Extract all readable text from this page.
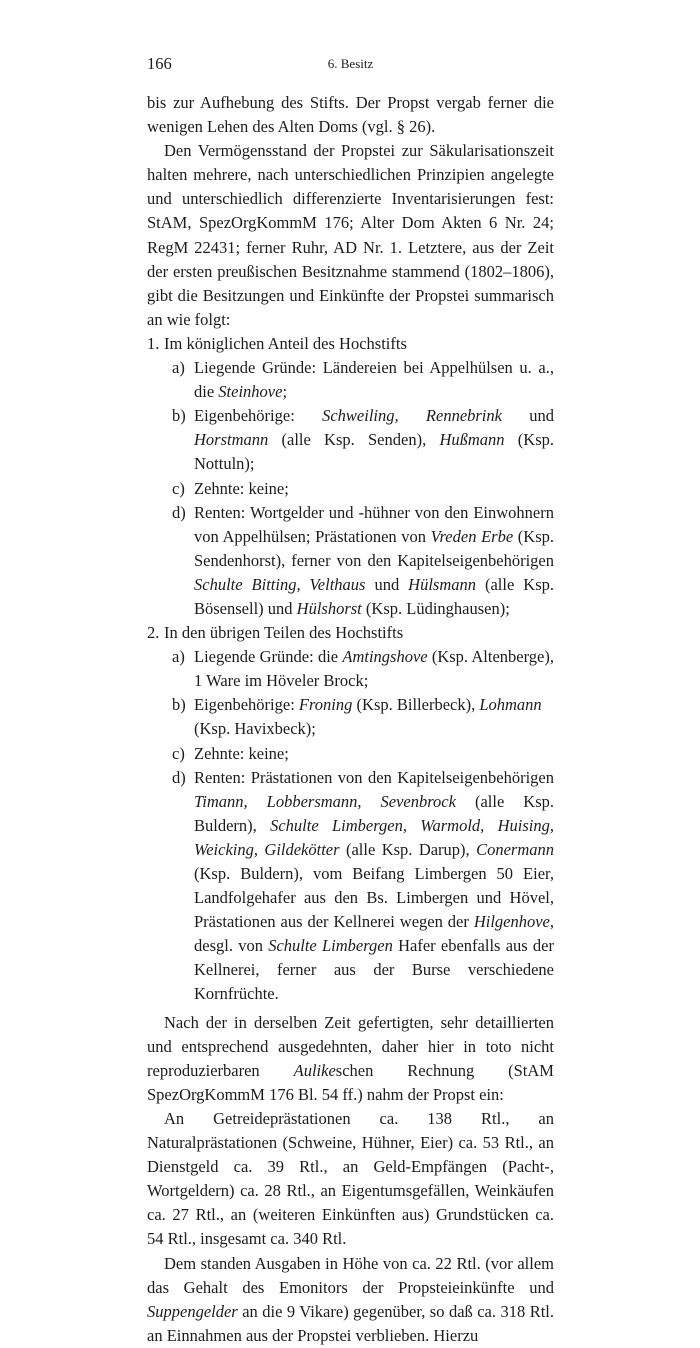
166	6. Besitz

bis zur Aufhebung des Stifts. Der Propst vergab ferner die wenigen Lehen des Alten Doms (vgl. § 26).

Den Vermögensstand der Propstei zur Säkularisationszeit halten mehrere, nach unterschiedlichen Prinzipien angelegte und unterschiedlich differenzierte Inventarisierungen fest: StAM, SpezOrgKommM 176; Alter Dom Akten 6 Nr. 24; RegM 22431; ferner Ruhr, AD Nr. 1. Letztere, aus der Zeit der ersten preußischen Besitznahme stammend (1802–1806), gibt die Besitzungen und Einkünfte der Propstei summarisch an wie folgt:

1. Im königlichen Anteil des Hochstifts
a) Liegende Gründe: Ländereien bei Appelhülsen u. a., die Steinhove;
b) Eigenbehörige: Schweiling, Rennebrink und Horstmann (alle Ksp. Senden), Hußmann (Ksp. Nottuln);
c) Zehnte: keine;
d) Renten: Wortgelder und -hühner von den Einwohnern von Appelhülsen; Prästationen von Vreden Erbe (Ksp. Sendenhorst), ferner von den Kapitelseigenbehörigen Schulte Bitting, Velthaus und Hülsmann (alle Ksp. Bösensell) und Hülshorst (Ksp. Lüdinghausen);
2. In den übrigen Teilen des Hochstifts
a) Liegende Gründe: die Amtingshove (Ksp. Altenberge), 1 Ware im Höveler Brock;
b) Eigenbehörige: Froning (Ksp. Billerbeck), Lohmann (Ksp. Havixbeck);
c) Zehnte: keine;
d) Renten: Prästationen von den Kapitelseigenbehörigen Timann, Lobbersmann, Sevenbrock (alle Ksp. Buldern), Schulte Limbergen, Warmold, Huising, Weicking, Gildekötter (alle Ksp. Darup), Conermann (Ksp. Buldern), vom Beifang Limbergen 50 Eier, Landfolgehafer aus den Bs. Limbergen und Hövel, Prästationen aus der Kellnerei wegen der Hilgenhove, desgl. von Schulte Limbergen Hafer ebenfalls aus der Kellnerei, ferner aus der Burse verschiedene Kornfrüchte.

Nach der in derselben Zeit gefertigten, sehr detaillierten und entsprechend ausgedehnten, daher hier in toto nicht reproduzierbaren Aulikeschen Rechnung (StAM SpezOrgKommM 176 Bl. 54 ff.) nahm der Propst ein:

An Getreideprästationen ca. 138 Rtl., an Naturalprästationen (Schweine, Hühner, Eier) ca. 53 Rtl., an Dienstgeld ca. 39 Rtl., an Geld-Empfängen (Pacht-, Wortgeldern) ca. 28 Rtl., an Eigentumsgefällen, Weinkäufen ca. 27 Rtl., an (weiteren Einkünften aus) Grundstücken ca. 54 Rtl., insgesamt ca. 340 Rtl.

Dem standen Ausgaben in Höhe von ca. 22 Rtl. (vor allem das Gehalt des Emonitors der Propsteieinkünfte und Suppengelder an die 9 Vikare) gegenüber, so daß ca. 318 Rtl. an Einnahmen aus der Propstei verblieben. Hierzu
